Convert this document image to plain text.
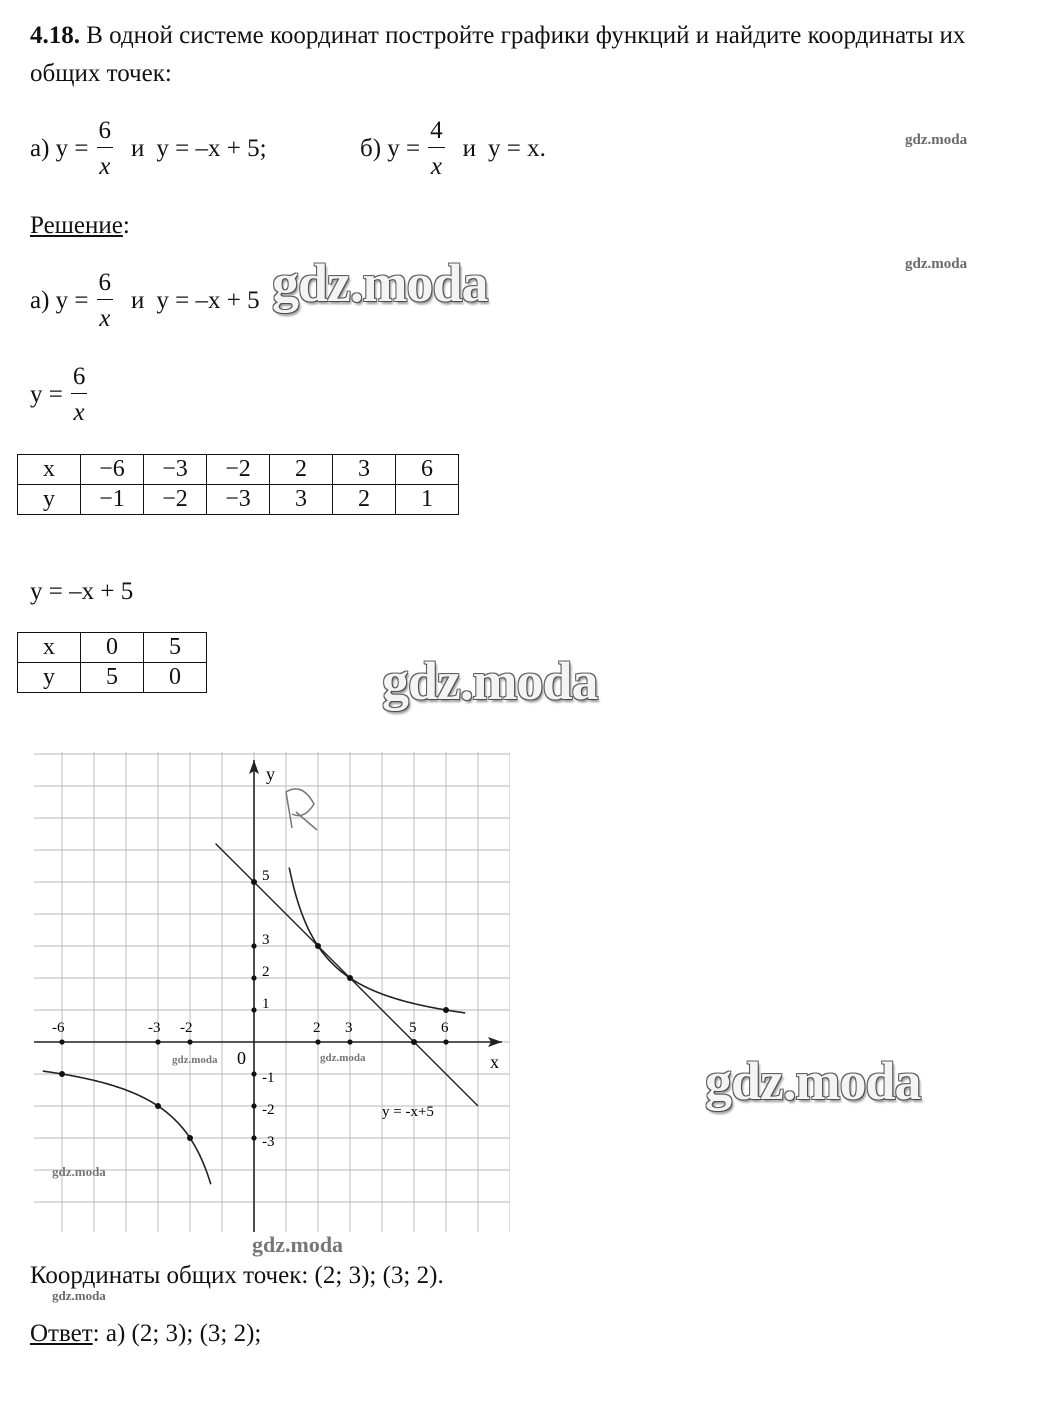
4.18. В одной системе координат постройте графики функций и найдите координаты их
общих точек:
а) $y = \frac{6}{x}$ и y = –x + 5;	б) $y = \frac{4}{x}$ и y = x.	gdz.moda
gdz.moda
Решение:
а) $y = \frac{6}{x}$ и y = –x + 5 gdz.moda
$y = \frac{6}{x}$
x	−6	−3	−2	2	3	6
y	−1	−2	−3	3	2	1
y = –x + 5
x	0	5
y	5	0	gdz.moda
-6	-3 -2	2 3	5 6
5
3
2
1
-1
-2
-3
y
x
0
y = -x+5
gdz.moda	gdz.moda
gdz.moda
gdz.moda
gdz.moda
Координаты общих точек: (2; 3); (3; 2).
gdz.moda
Ответ: а) (2; 3); (3; 2);
